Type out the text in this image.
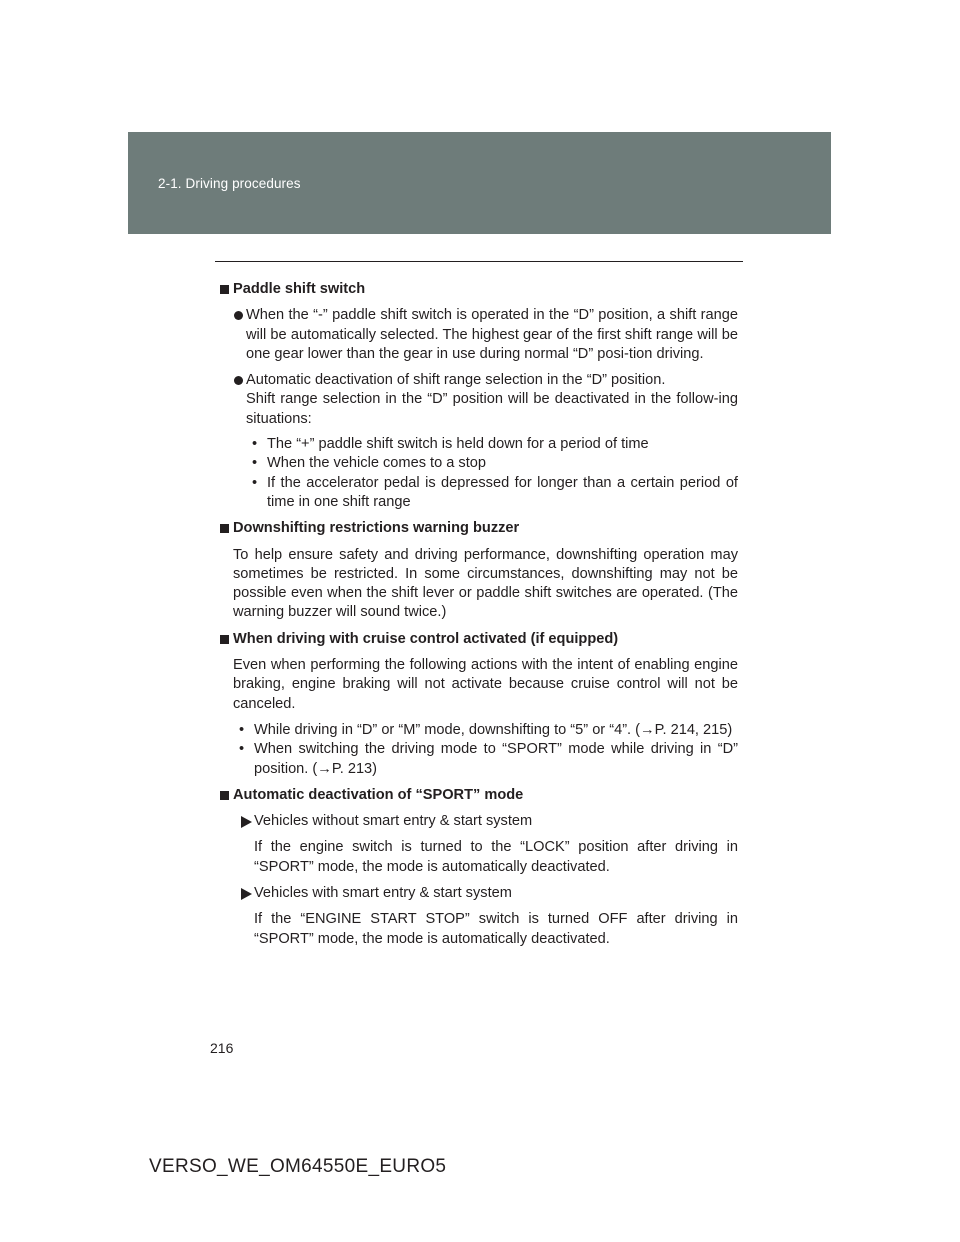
2-1. Driving procedures

Paddle shift switch

When the “-” paddle shift switch is operated in the “D” position, a shift range will be automatically selected. The highest gear of the first shift range will be one gear lower than the gear in use during normal “D” posi-tion driving.

Automatic deactivation of shift range selection in the “D” position.
Shift range selection in the “D” position will be deactivated in the follow-ing situations:

• The “+” paddle shift switch is held down for a period of time

• When the vehicle comes to a stop

• If the accelerator pedal is depressed for longer than a certain period of time in one shift range

Downshifting restrictions warning buzzer

To help ensure safety and driving performance, downshifting operation may sometimes be restricted. In some circumstances, downshifting may not be possible even when the shift lever or paddle shift switches are operated. (The warning buzzer will sound twice.)

When driving with cruise control activated (if equipped)

Even when performing the following actions with the intent of enabling engine braking, engine braking will not activate because cruise control will not be canceled.

• While driving in “D” or “M” mode, downshifting to “5” or “4”. (→P. 214, 215)

• When switching the driving mode to “SPORT” mode while driving in “D” position. (→P. 213)

Automatic deactivation of “SPORT” mode

Vehicles without smart entry & start system

If the engine switch is turned to the “LOCK” position after driving in “SPORT” mode, the mode is automatically deactivated.

Vehicles with smart entry & start system

If the “ENGINE START STOP” switch is turned OFF after driving in “SPORT” mode, the mode is automatically deactivated.

216
VERSO_WE_OM64550E_EURO5
